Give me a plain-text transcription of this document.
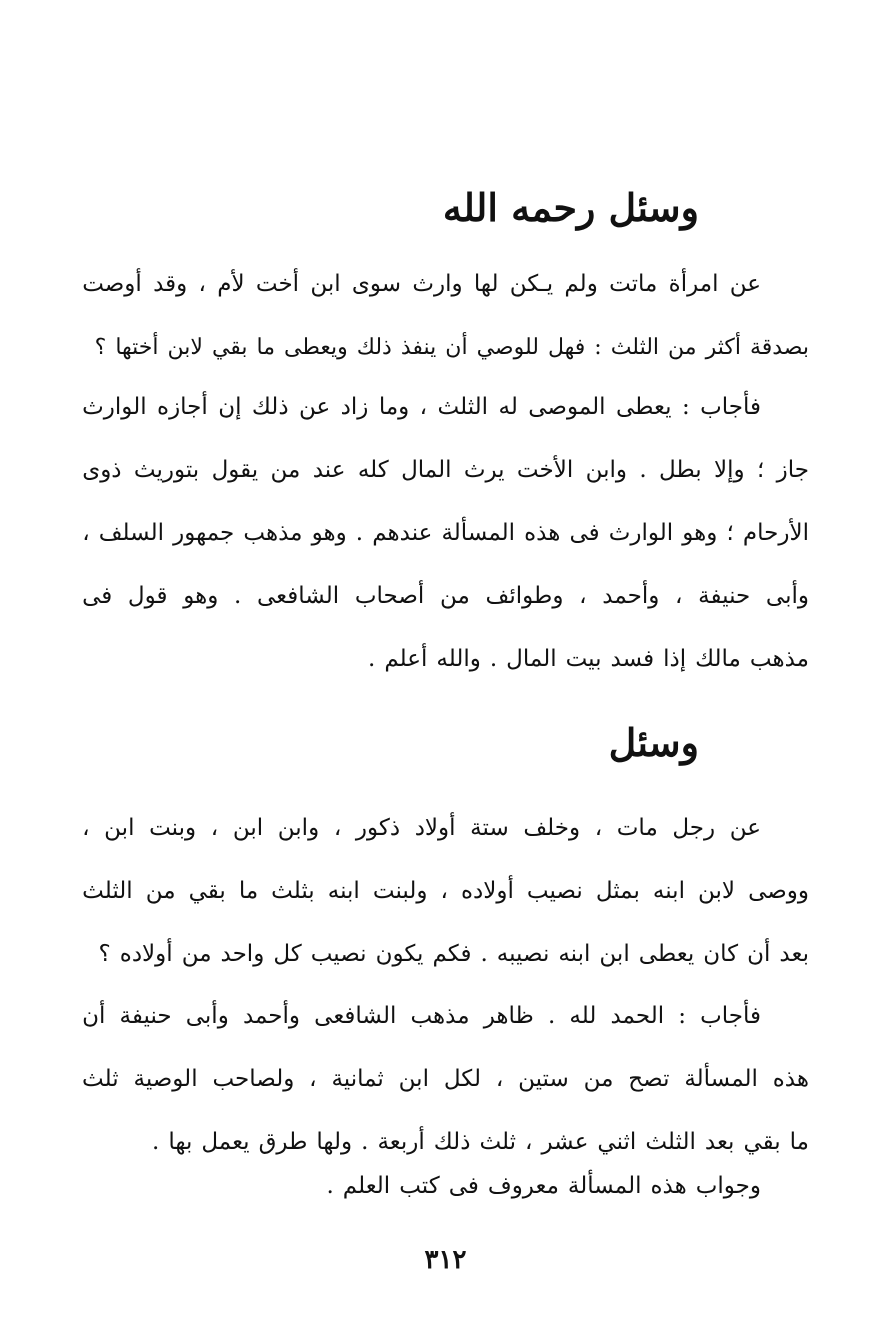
وسئل رحمه الله
عن
امرأة
ماتت
ولم
يـكن
لها
وارث
سوى
ابن
أخت
لأم
،
وقد
أوصت
بصدقة
أكثر
من
الثلث
:
فهل
للوصي
أن
ينفذ
ذلك
ويعطى
ما
بقي
لابن
أختها
؟
فأجاب
:
يعطى
الموصى
له
الثلث
،
وما
زاد
عن
ذلك
إن
أجازه
الوارث
جاز
؛
وإلا
بطل
.
وابن
الأخت
يرث
المال
كله
عند
من
يقول
بتوريث
ذوى
الأرحام
؛
وهو
الوارث
فى
هذه
المسألة
عندهم
.
وهو
مذهب
جمهور
السلف
،
وأبى
حنيفة
،
وأحمد
،
وطوائف
من
أصحاب
الشافعى
.
وهو
قول
فى
مذهب
مالك
إذا
فسد
بيت
المال
.
والله
أعلم
.
وسئل
عن
رجل
مات
،
وخلف
ستة
أولاد
ذكور
،
وابن
ابن
،
وبنت
ابن
،
ووصى
لابن
ابنه
بمثل
نصيب
أولاده
،
ولبنت
ابنه
بثلث
ما
بقي
من
الثلث
بعد
أن
كان
يعطى
ابن
ابنه
نصيبه
.
فكم
يكون
نصيب
كل
واحد
من
أولاده
؟
فأجاب
:
الحمد
لله
.
ظاهر
مذهب
الشافعى
وأحمد
وأبى
حنيفة
أن
هذه
المسألة
تصح
من
ستين
،
لكل
ابن
ثمانية
،
ولصاحب
الوصية
ثلث
ما
بقي
بعد
الثلث
اثني
عشر
،
ثلث
ذلك
أربعة
.
ولها
طرق
يعمل
بها
.
وجواب
هذه
المسألة
معروف
فى
كتب
العلم
.
٣١٢
